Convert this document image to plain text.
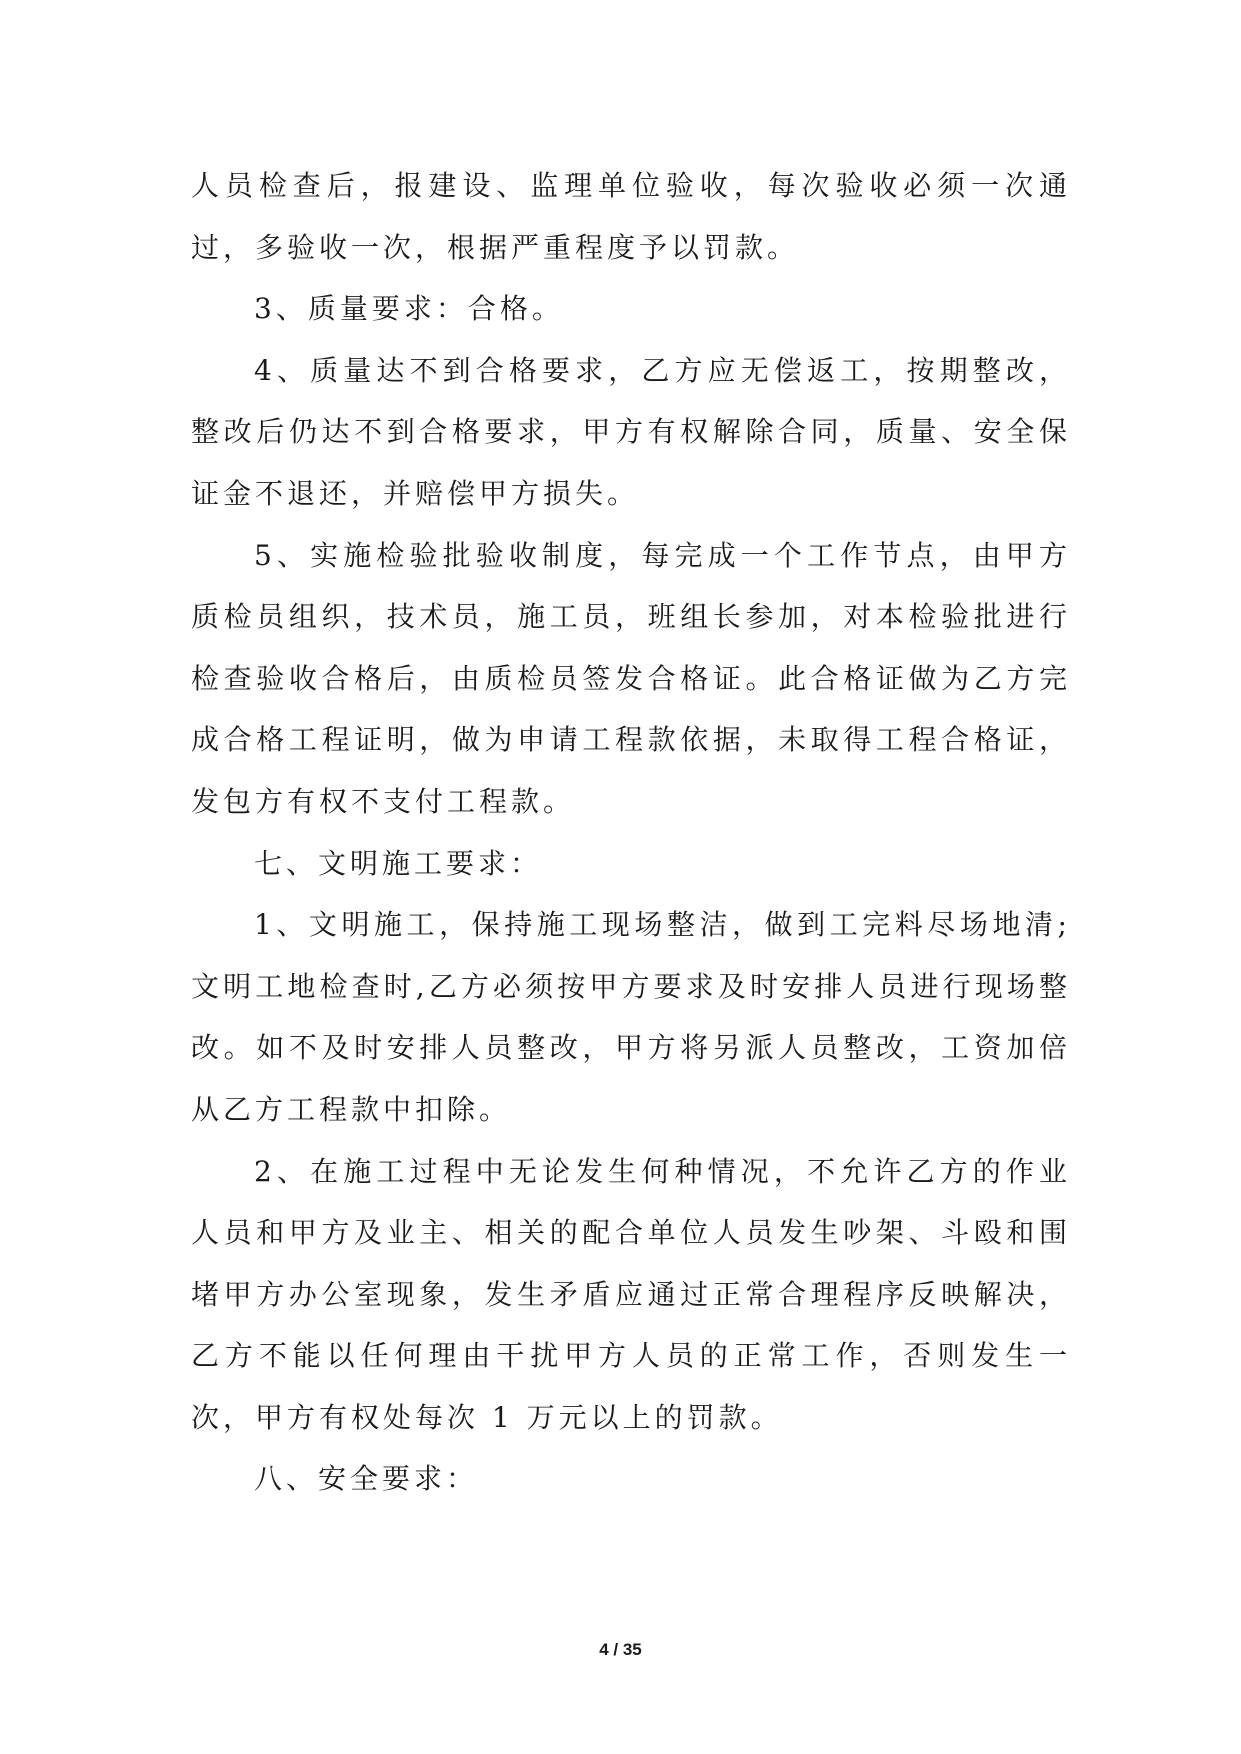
人员检查后，报建设、监理单位验收，每次验收必须一次通过，多验收一次，根据严重程度予以罚款。

3、质量要求：合格。

4、质量达不到合格要求，乙方应无偿返工，按期整改，整改后仍达不到合格要求，甲方有权解除合同，质量、安全保证金不退还，并赔偿甲方损失。

5、实施检验批验收制度，每完成一个工作节点，由甲方质检员组织，技术员，施工员，班组长参加，对本检验批进行检查验收合格后，由质检员签发合格证。此合格证做为乙方完成合格工程证明，做为申请工程款依据，未取得工程合格证，发包方有权不支付工程款。

七、文明施工要求：

1、文明施工，保持施工现场整洁，做到工完料尽场地清;文明工地检查时,乙方必须按甲方要求及时安排人员进行现场整改。如不及时安排人员整改，甲方将另派人员整改，工资加倍从乙方工程款中扣除。

2、在施工过程中无论发生何种情况，不允许乙方的作业人员和甲方及业主、相关的配合单位人员发生吵架、斗殴和围堵甲方办公室现象，发生矛盾应通过正常合理程序反映解决，乙方不能以任何理由干扰甲方人员的正常工作，否则发生一次，甲方有权处每次 1 万元以上的罚款。

八、安全要求：

4 / 35
